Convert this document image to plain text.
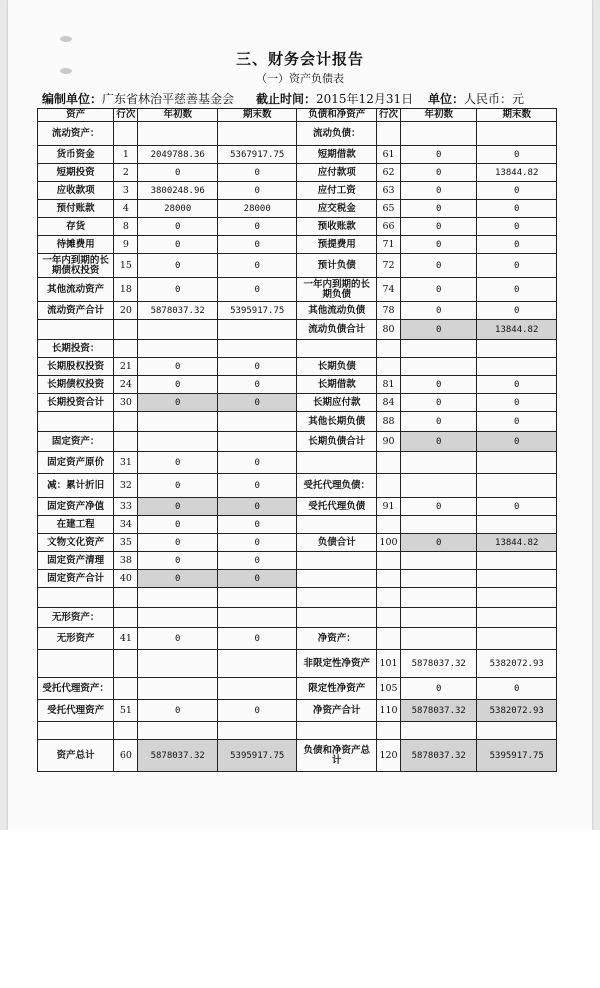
三、财务会计报告
（一）资产负债表
编制单位：广东省林治平慈善基金会 截止时间：2015年12月31日 单位：人民币：元
资产	行次	年初数	期末数	负债和净资产	行次	年初数	期末数
流动资产：				流动负债：			
货币资金	1	2049788.36	5367917.75	短期借款	61	0	0
短期投资	2	0	0	应付款项	62	0	13844.82
应收款项	3	3800248.96	0	应付工资	63	0	0
预付账款	4	28000	28000	应交税金	65	0	0
存货	8	0	0	预收账款	66	0	0
待摊费用	9	0	0	预提费用	71	0	0
一年内到期的长期债权投资	15	0	0	预计负债	72	0	0
其他流动资产	18	0	0	一年内到期的长期负债	74	0	0
流动资产合计	20	5878037.32	5395917.75	其他流动负债	78	0	0
				流动负债合计	80	0	13844.82
长期投资：							
长期股权投资	21	0	0	长期负债			
长期债权投资	24	0	0	长期借款	81	0	0
长期投资合计	30	0	0	长期应付款	84	0	0
				其他长期负债	88	0	0
固定资产：				长期负债合计	90	0	0
固定资产原价	31	0	0				
减：累计折旧	32	0	0	受托代理负债：			
固定资产净值	33	0	0	受托代理负债	91	0	0
在建工程	34	0	0				
文物文化资产	35	0	0	负债合计	100	0	13844.82
固定资产清理	38	0	0				
固定资产合计	40	0	0				

无形资产：							
无形资产	41	0	0	净资产：			
				非限定性净资产	101	5878037.32	5382072.93
受托代理资产：				限定性净资产	105	0	0
受托代理资产	51	0	0	净资产合计	110	5878037.32	5382072.93

资产总计	60	5878037.32	5395917.75	负债和净资产总计	120	5878037.32	5395917.75
